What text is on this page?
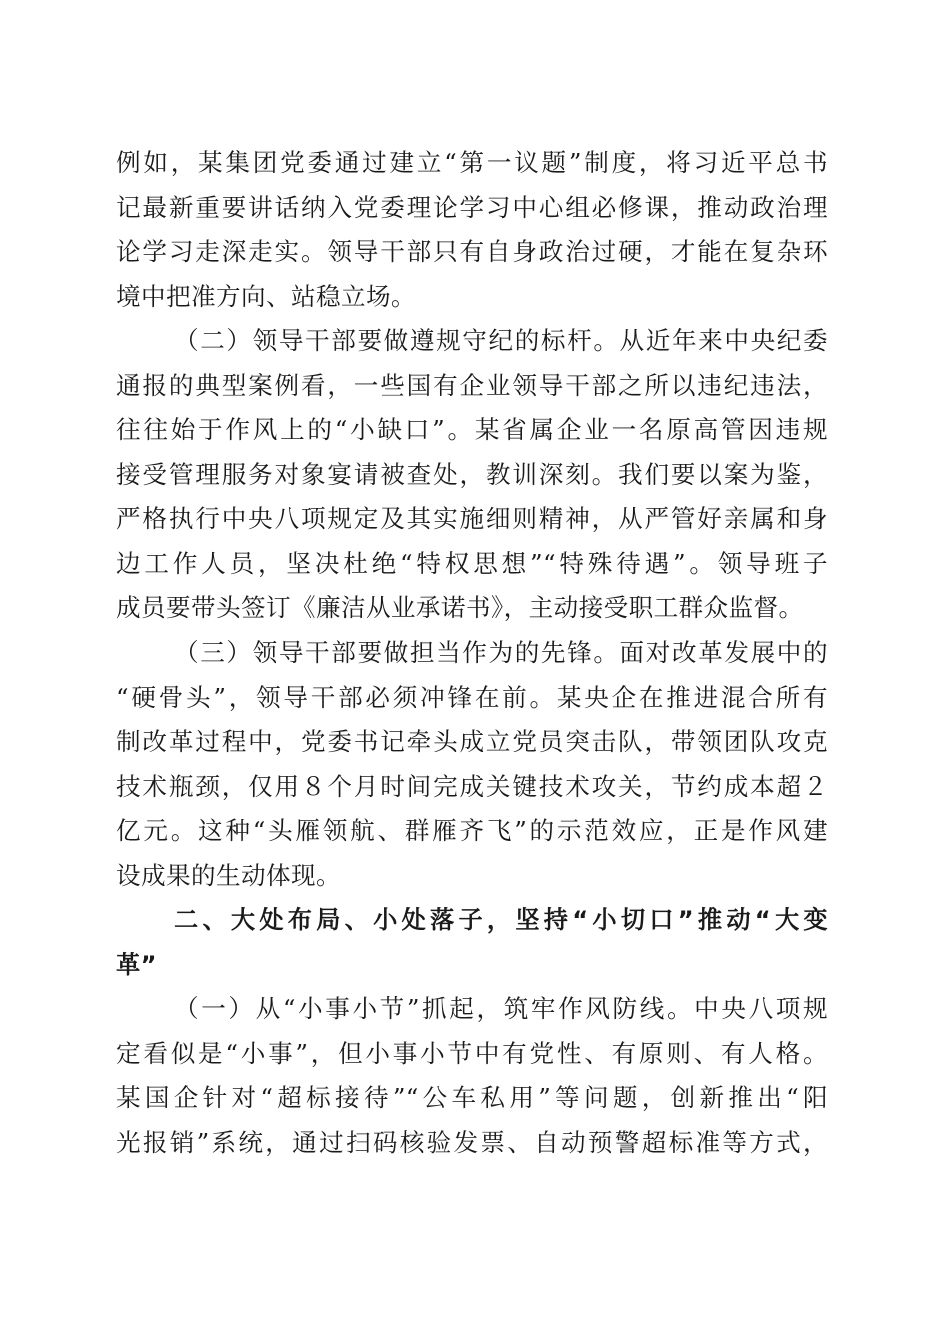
例如，某集团党委通过建立“第一议题”制度，将习近平总书
记最新重要讲话纳入党委理论学习中心组必修课，推动政治理
论学习走深走实。领导干部只有自身政治过硬，才能在复杂环
境中把准方向、站稳立场。
（二）领导干部要做遵规守纪的标杆。从近年来中央纪委
通报的典型案例看，一些国有企业领导干部之所以违纪违法，
往往始于作风上的“小缺口”。某省属企业一名原高管因违规
接受管理服务对象宴请被查处，教训深刻。我们要以案为鉴，
严格执行中央八项规定及其实施细则精神，从严管好亲属和身
边工作人员，坚决杜绝“特权思想”“特殊待遇”。领导班子
成员要带头签订《廉洁从业承诺书》，主动接受职工群众监督。
（三）领导干部要做担当作为的先锋。面对改革发展中的
“硬骨头”，领导干部必须冲锋在前。某央企在推进混合所有
制改革过程中，党委书记牵头成立党员突击队，带领团队攻克
技术瓶颈，仅用８个月时间完成关键技术攻关，节约成本超２
亿元。这种“头雁领航、群雁齐飞”的示范效应，正是作风建
设成果的生动体现。
二、大处布局、小处落子，坚持“小切口”推动“大变
革”
（一）从“小事小节”抓起，筑牢作风防线。中央八项规
定看似是“小事”，但小事小节中有党性、有原则、有人格。
某国企针对“超标接待”“公车私用”等问题，创新推出“阳
光报销”系统，通过扫码核验发票、自动预警超标准等方式，
